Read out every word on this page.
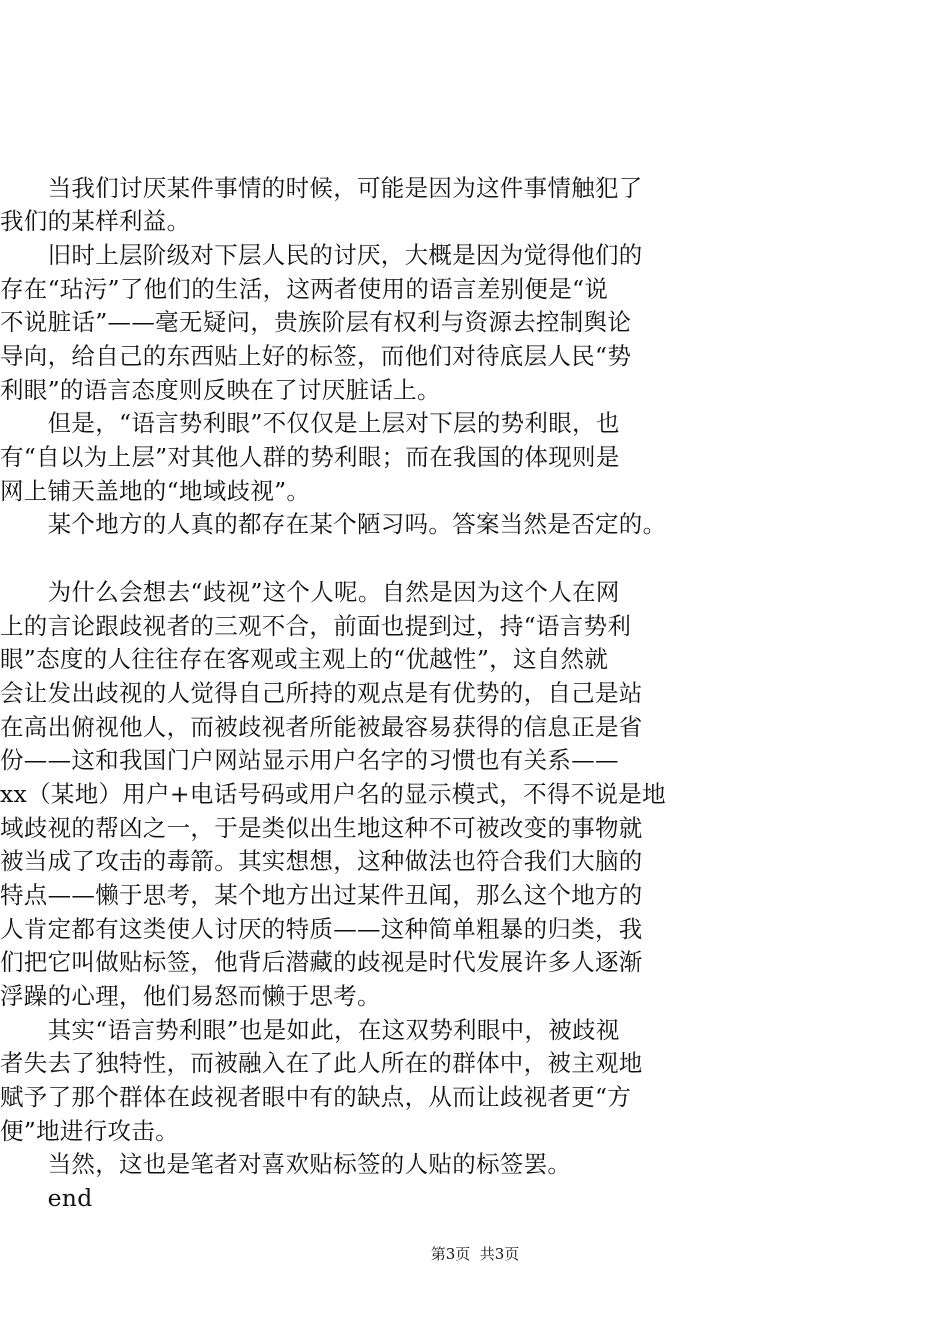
　　当我们讨厌某件事情的时候，可能是因为这件事情触犯了
我们的某样利益。
　　旧时上层阶级对下层人民的讨厌，大概是因为觉得他们的
存在“玷污”了他们的生活，这两者使用的语言差别便是“说
不说脏话”——毫无疑问，贵族阶层有权利与资源去控制舆论
导向，给自己的东西贴上好的标签，而他们对待底层人民“势
利眼”的语言态度则反映在了讨厌脏话上。
　　但是，“语言势利眼”不仅仅是上层对下层的势利眼，也
有“自以为上层”对其他人群的势利眼；而在我国的体现则是
网上铺天盖地的“地域歧视”。
　　某个地方的人真的都存在某个陋习吗。答案当然是否定的。
　　为什么会想去“歧视”这个人呢。自然是因为这个人在网
上的言论跟歧视者的三观不合，前面也提到过，持“语言势利
眼”态度的人往往存在客观或主观上的“优越性”，这自然就
会让发出歧视的人觉得自己所持的观点是有优势的，自己是站
在高出俯视他人，而被歧视者所能被最容易获得的信息正是省
份——这和我国门户网站显示用户名字的习惯也有关系——
xx（某地）用户+电话号码或用户名的显示模式，不得不说是地
域歧视的帮凶之一，于是类似出生地这种不可被改变的事物就
被当成了攻击的毒箭。其实想想，这种做法也符合我们大脑的
特点——懒于思考，某个地方出过某件丑闻，那么这个地方的
人肯定都有这类使人讨厌的特质——这种简单粗暴的归类，我
们把它叫做贴标签，他背后潜藏的歧视是时代发展许多人逐渐
浮躁的心理，他们易怒而懒于思考。
　　其实“语言势利眼”也是如此，在这双势利眼中，被歧视
者失去了独特性，而被融入在了此人所在的群体中，被主观地
赋予了那个群体在歧视者眼中有的缺点，从而让歧视者更“方
便”地进行攻击。
　　当然，这也是笔者对喜欢贴标签的人贴的标签罢。
　　end
第3页  共3页
